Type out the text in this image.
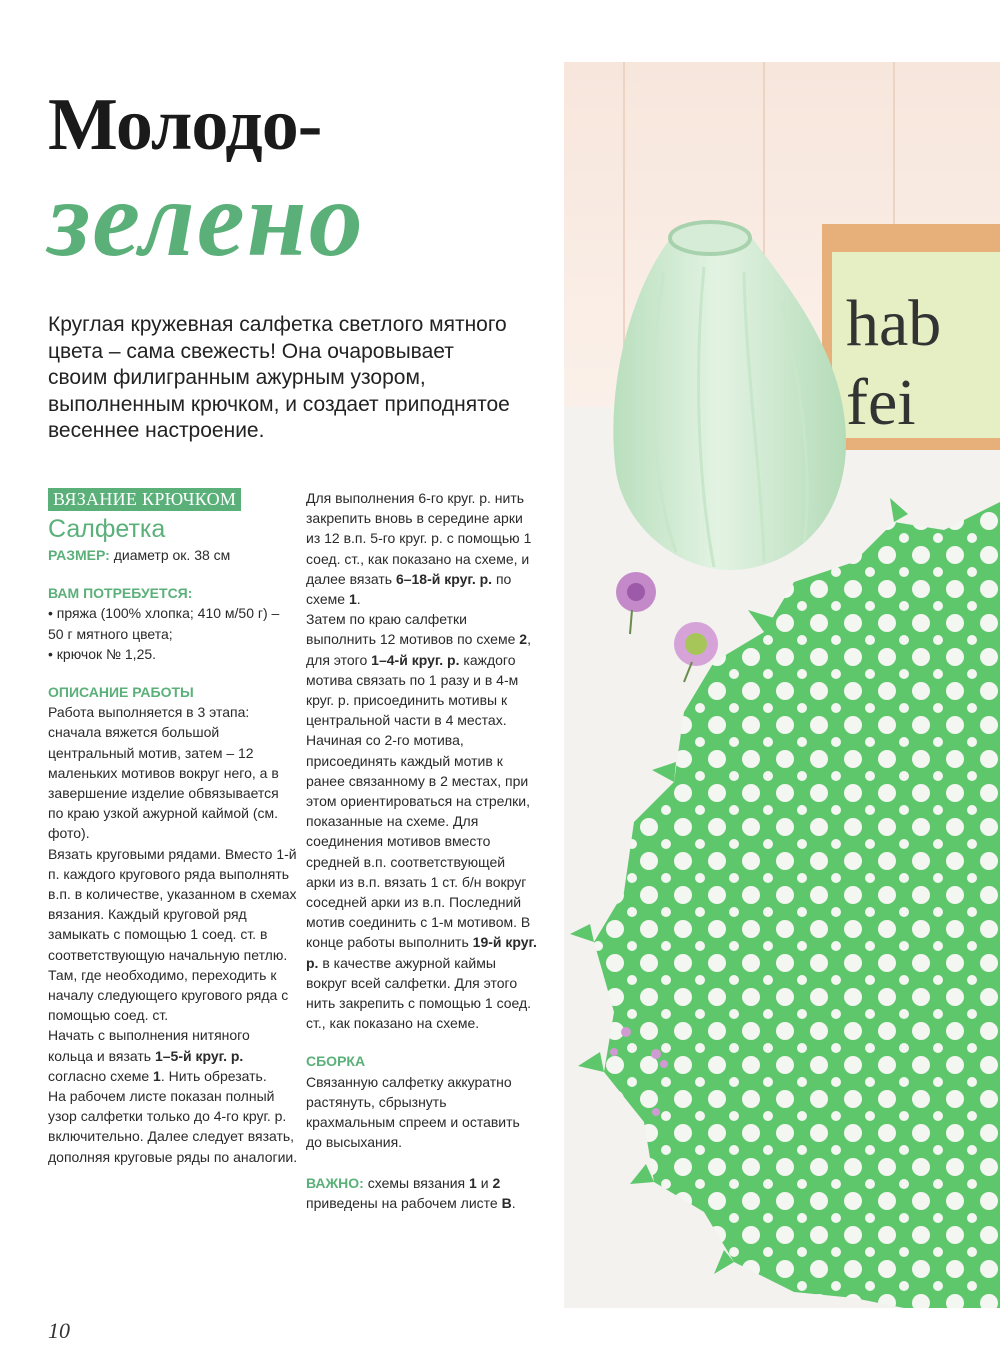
Молодо-
зелено
Круглая кружевная салфетка светлого мятного цвета – сама свежесть! Она очаровывает своим филигранным ажурным узором, выполненным крючком, и создает приподнятое весеннее настроение.
ВЯЗАНИЕ КРЮЧКОМ
Салфетка
РАЗМЕР: диаметр ок. 38 см
ВАМ ПОТРЕБУЕТСЯ:
• пряжа (100% хлопка; 410 м/50 г) – 50 г мятного цвета;
• крючок № 1,25.
ОПИСАНИЕ РАБОТЫ
Работа выполняется в 3 этапа: сначала вяжется большой центральный мотив, затем – 12 маленьких мотивов вокруг него, а в завершение изделие обвязывается по краю узкой ажурной каймой (см. фото).
Вязать круговыми рядами. Вместо 1-й п. каждого кругового ряда выполнять в.п. в количестве, указанном в схемах вязания. Каждый круговой ряд замыкать с помощью 1 соед. ст. в соответствующую начальную петлю. Там, где необходимо, переходить к началу следующего кругового ряда с помощью соед. ст.
Начать с выполнения нитяного кольца и вязать 1–5-й круг. р. согласно схеме 1. Нить обрезать.
На рабочем листе показан полный узор салфетки только до 4-го круг. р. включительно. Далее следует вязать, дополняя круговые ряды по аналогии.
Для выполнения 6-го круг. р. нить закрепить вновь в середине арки из 12 в.п. 5-го круг. р. с помощью 1 соед. ст., как показано на схеме, и далее вязать 6–18-й круг. р. по схеме 1.
Затем по краю салфетки выполнить 12 мотивов по схеме 2, для этого 1–4-й круг. р. каждого мотива связать по 1 разу и в 4-м круг. р. присоединить мотивы к центральной части в 4 местах. Начиная со 2-го мотива, присоединять каждый мотив к ранее связанному в 2 местах, при этом ориентироваться на стрелки, показанные на схеме. Для соединения мотивов вместо средней в.п. соответствующей арки из в.п. вязать 1 ст. б/н вокруг соседней арки из в.п. Последний мотив соединить с 1-м мотивом. В конце работы выполнить 19-й круг. р. в качестве ажурной каймы вокруг всей салфетки. Для этого нить закрепить с помощью 1 соед. ст., как показано на схеме.
СБОРКА
Связанную салфетку аккуратно растянуть, сбрызнуть крахмальным спреем и оставить до высыхания.
ВАЖНО: схемы вязания 1 и 2 приведены на рабочем листе В.
hab
fei
10
